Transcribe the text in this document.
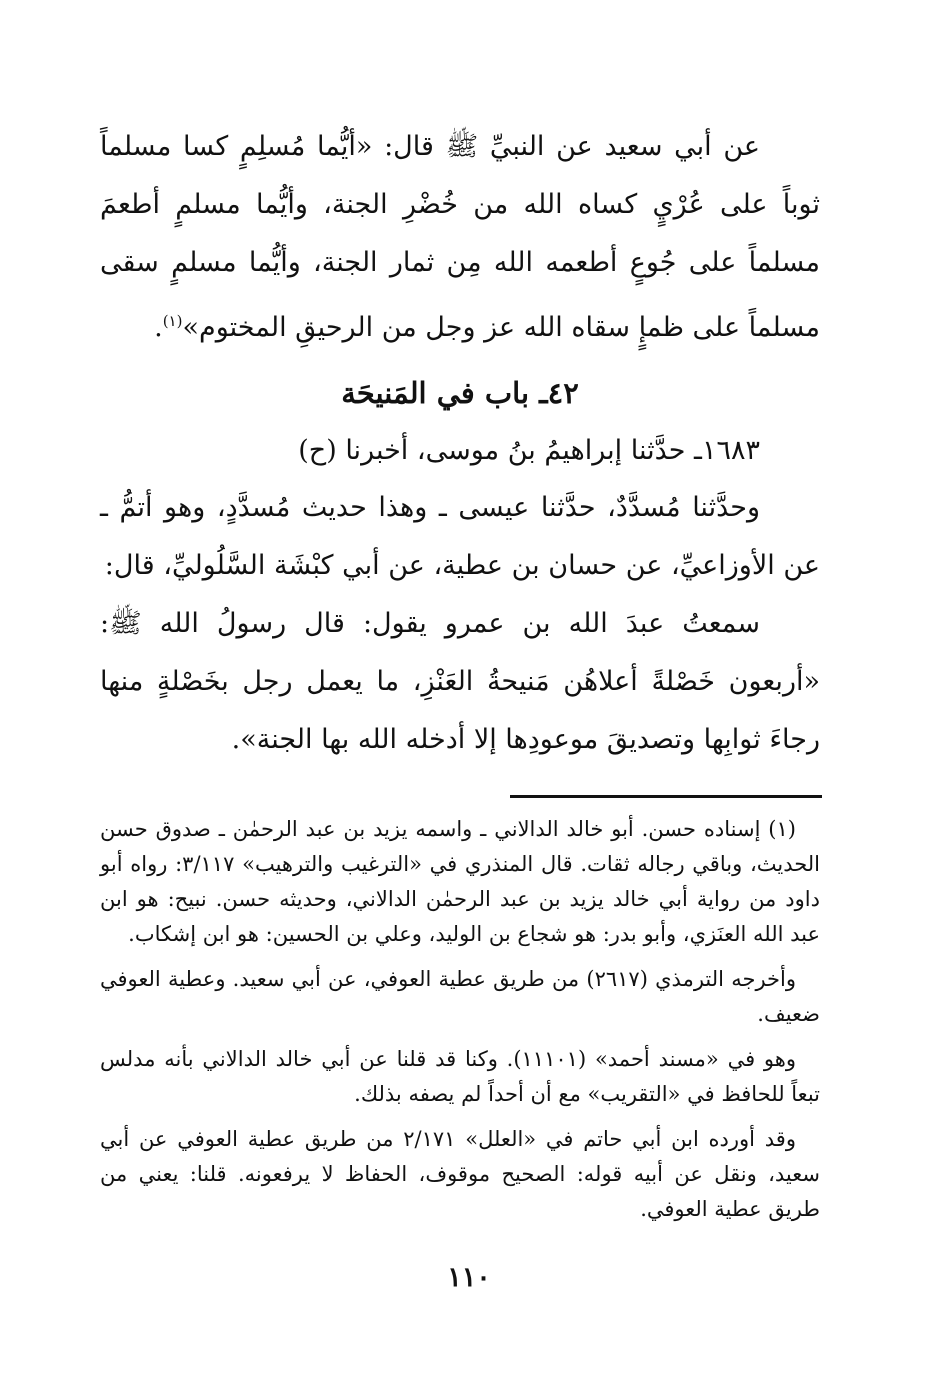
عن أبي سعيد عن النبيِّ ﷺ قال: «أيُّما مُسلِمٍ كسا مسلماً ثوباً على عُرْيٍ كساه الله من خُضْرِ الجنة، وأيُّما مسلمٍ أطعمَ مسلماً على جُوعٍ أطعمه الله مِن ثمار الجنة، وأيُّما مسلمٍ سقى مسلماً على ظمإٍ سقاه الله عز وجل من الرحيقِ المختوم»$^{(١)}$.

٤٢ـ باب في المَنيحَة

١٦٨٣ـ حدَّثنا إبراهيمُ بنُ موسى، أخبرنا (ح)

وحدَّثنا مُسدَّدٌ، حدَّثنا عيسى ـ وهذا حديث مُسدَّدٍ، وهو أتمُّ ـ عن الأوزاعيِّ، عن حسان بن عطية، عن أبي كبْشَة السَّلُوليِّ، قال:

سمعتُ عبدَ الله بن عمرو يقول: قال رسولُ الله ﷺ: «أربعون خَصْلةً أعلاهُن مَنيحةُ العَنْزِ، ما يعمل رجل بخَصْلةٍ منها رجاءَ ثوابِها وتصديقَ موعودِها إلا أدخله الله بها الجنة».

(١) إسناده حسن. أبو خالد الدالاني ـ واسمه يزيد بن عبد الرحمٰن ـ صدوق حسن الحديث، وباقي رجاله ثقات. قال المنذري في «الترغيب والترهيب» ٣/١١٧: رواه أبو داود من رواية أبي خالد يزيد بن عبد الرحمٰن الدالاني، وحديثه حسن. نبيح: هو ابن عبد الله العنَزي، وأبو بدر: هو شجاع بن الوليد، وعلي بن الحسين: هو ابن إشكاب.

وأخرجه الترمذي (٢٦١٧) من طريق عطية العوفي، عن أبي سعيد. وعطية العوفي ضعيف.

وهو في «مسند أحمد» (١١١٠١). وكنا قد قلنا عن أبي خالد الدالاني بأنه مدلس تبعاً للحافظ في «التقريب» مع أن أحداً لم يصفه بذلك.

وقد أورده ابن أبي حاتم في «العلل» ٢/١٧١ من طريق عطية العوفي عن أبي سعيد، ونقل عن أبيه قوله: الصحيح موقوف، الحفاظ لا يرفعونه. قلنا: يعني من طريق عطية العوفي.

١١٠
